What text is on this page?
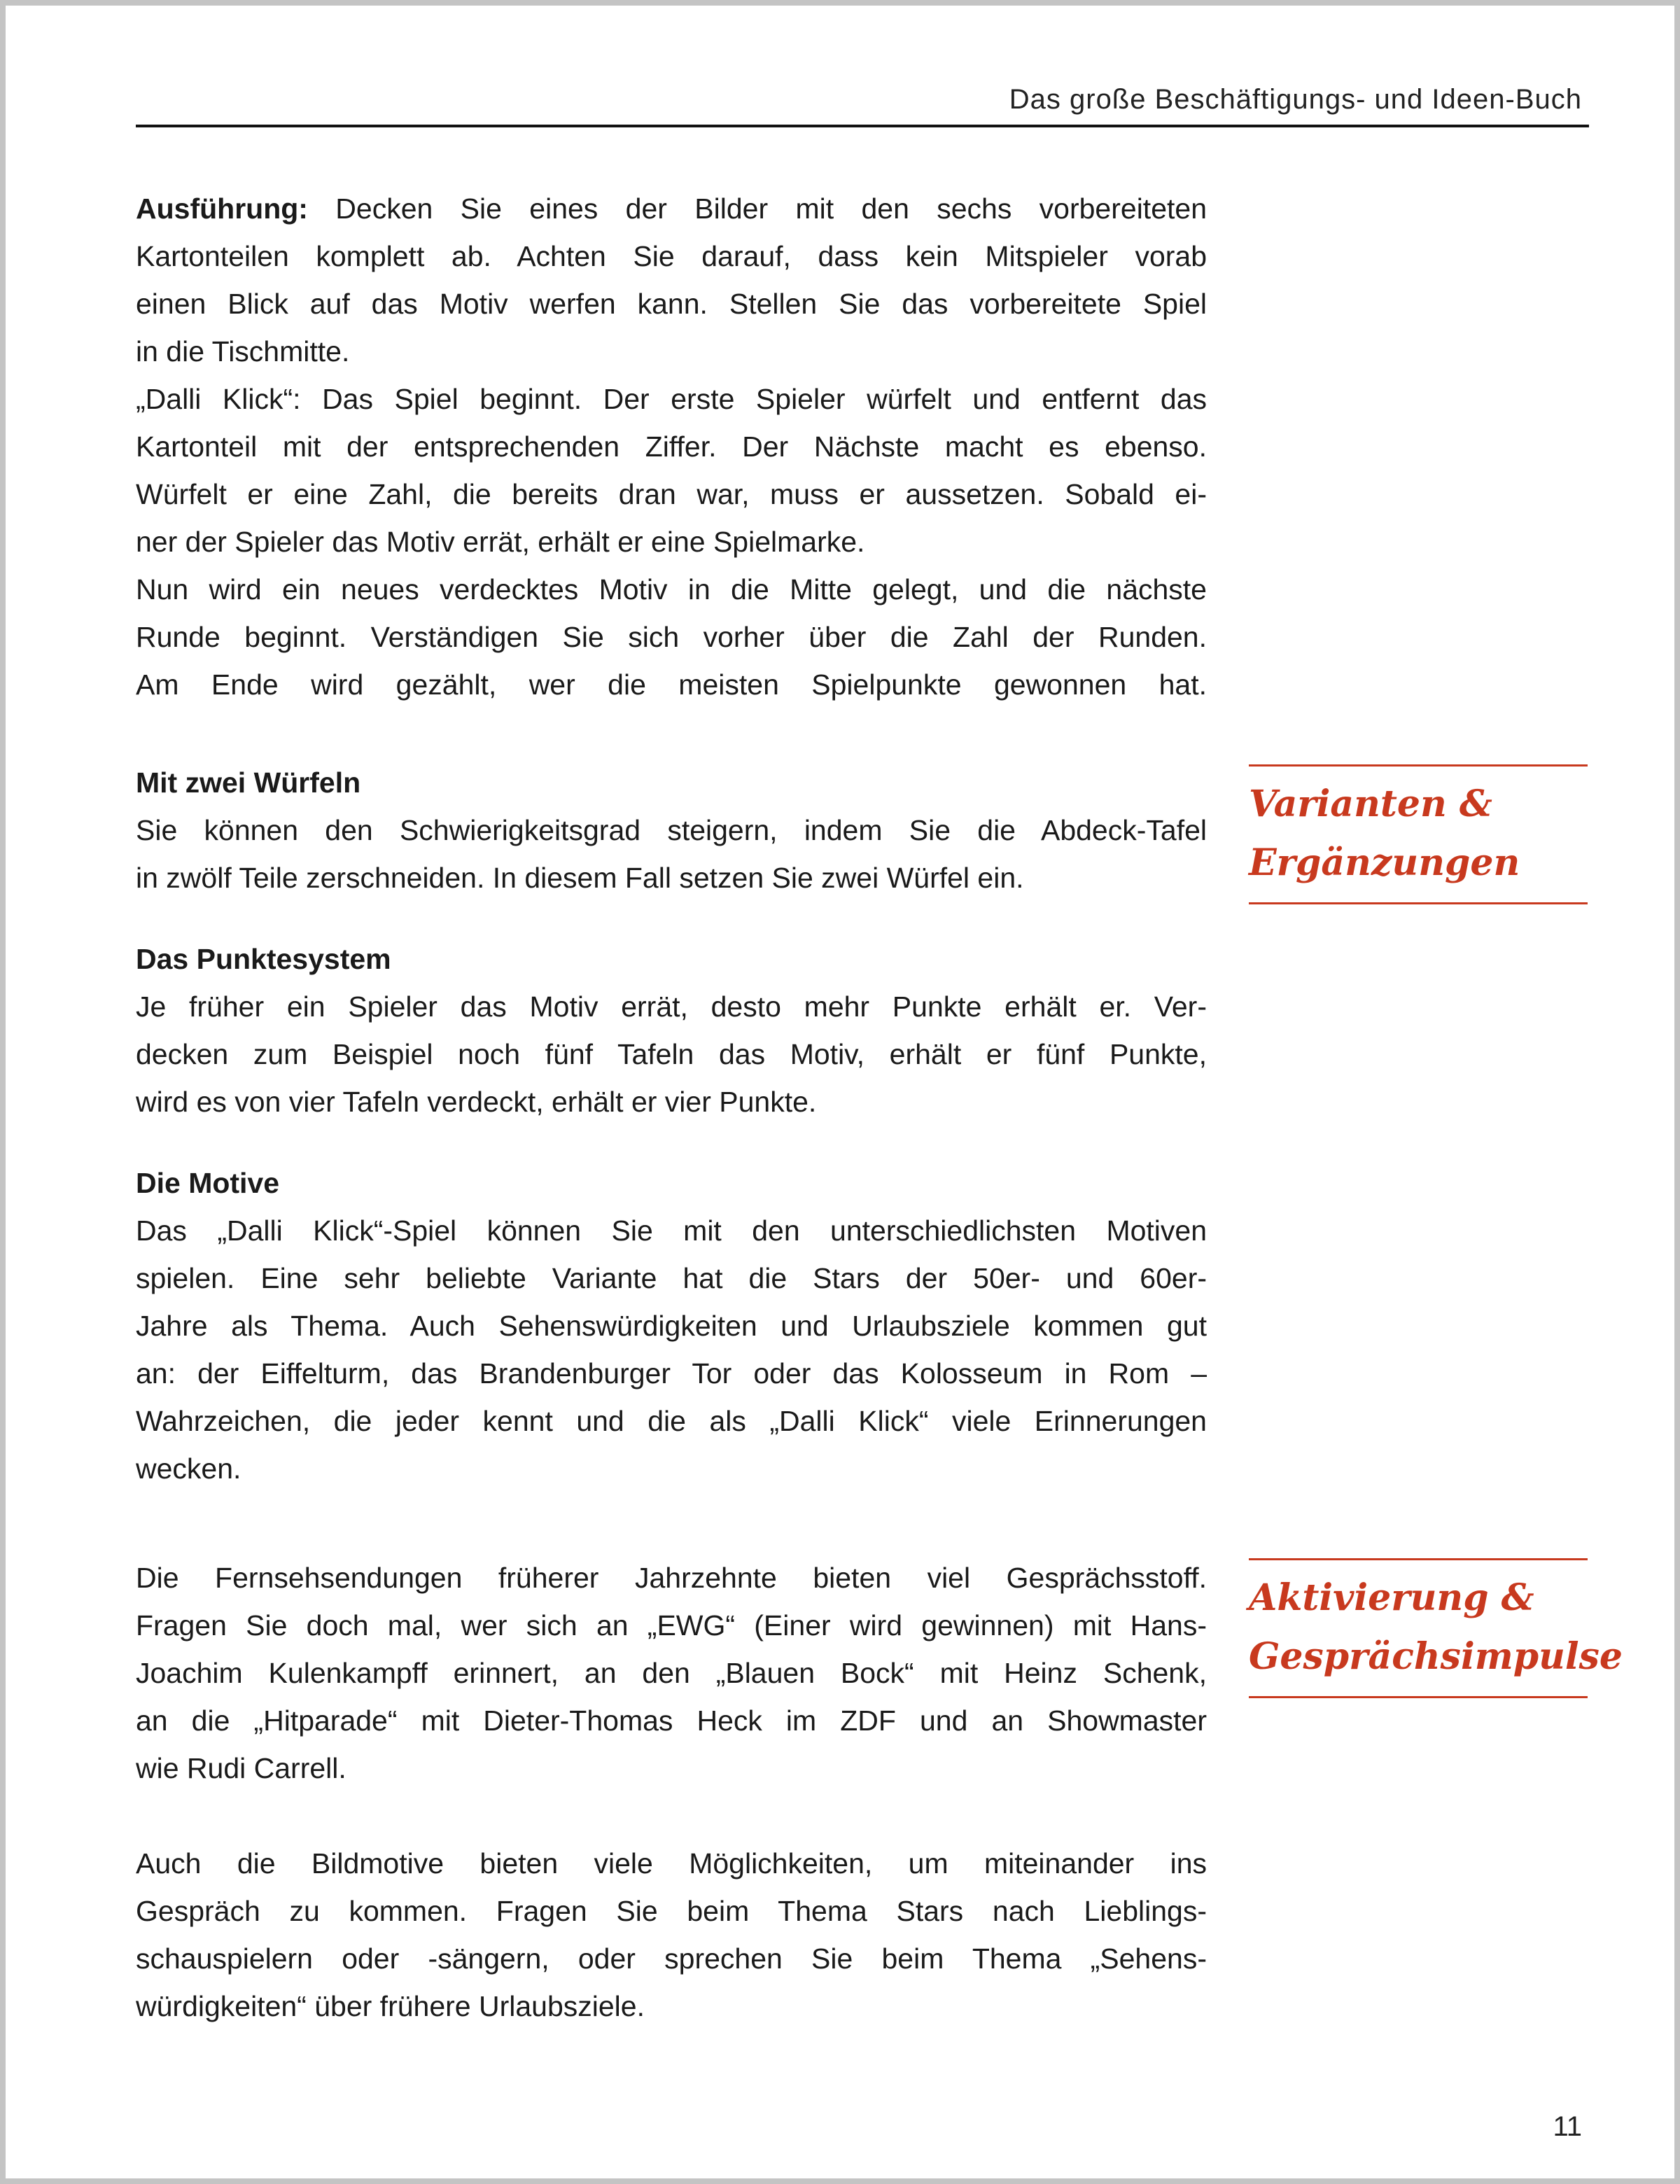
Das große Beschäftigungs- und Ideen-Buch
Ausführung: Decken Sie eines der Bilder mit den sechs vorbereiteten
Kartonteilen komplett ab. Achten Sie darauf, dass kein Mitspieler vorab
einen Blick auf das Motiv werfen kann. Stellen Sie das vorbereitete Spiel
in die Tischmitte.
„Dalli Klick“: Das Spiel beginnt. Der erste Spieler würfelt und entfernt das
Kartonteil mit der entsprechenden Ziffer. Der Nächste macht es ebenso.
Würfelt er eine Zahl, die bereits dran war, muss er aussetzen. Sobald ei-
ner der Spieler das Motiv errät, erhält er eine Spielmarke.
Nun wird ein neues verdecktes Motiv in die Mitte gelegt, und die nächste
Runde beginnt. Verständigen Sie sich vorher über die Zahl der Runden.
Am Ende wird gezählt, wer die meisten Spielpunkte gewonnen hat.
Mit zwei Würfeln
Sie können den Schwierigkeitsgrad steigern, indem Sie die Abdeck-Tafel
in zwölf Teile zerschneiden. In diesem Fall setzen Sie zwei Würfel ein.
Das Punktesystem
Je früher ein Spieler das Motiv errät, desto mehr Punkte erhält er. Ver-
decken zum Beispiel noch fünf Tafeln das Motiv, erhält er fünf Punkte,
wird es von vier Tafeln verdeckt, erhält er vier Punkte.
Die Motive
Das „Dalli Klick“-Spiel können Sie mit den unterschiedlichsten Motiven
spielen. Eine sehr beliebte Variante hat die Stars der 50er- und 60er-
Jahre als Thema. Auch Sehenswürdigkeiten und Urlaubsziele kommen gut
an: der Eiffelturm, das Brandenburger Tor oder das Kolosseum in Rom –
Wahrzeichen, die jeder kennt und die als „Dalli Klick“ viele Erinnerungen
wecken.
Die Fernsehsendungen früherer Jahrzehnte bieten viel Gesprächsstoff.
Fragen Sie doch mal, wer sich an „EWG“ (Einer wird gewinnen) mit Hans-
Joachim Kulenkampff erinnert, an den „Blauen Bock“ mit Heinz Schenk,
an die „Hitparade“ mit Dieter-Thomas Heck im ZDF und an Showmaster
wie Rudi Carrell.
Auch die Bildmotive bieten viele Möglichkeiten, um miteinander ins
Gespräch zu kommen. Fragen Sie beim Thema Stars nach Lieblings-
schauspielern oder -sängern, oder sprechen Sie beim Thema „Sehens-
würdigkeiten“ über frühere Urlaubsziele.
Varianten &
Ergänzungen
Aktivierung &
Gesprächsimpulse
11
